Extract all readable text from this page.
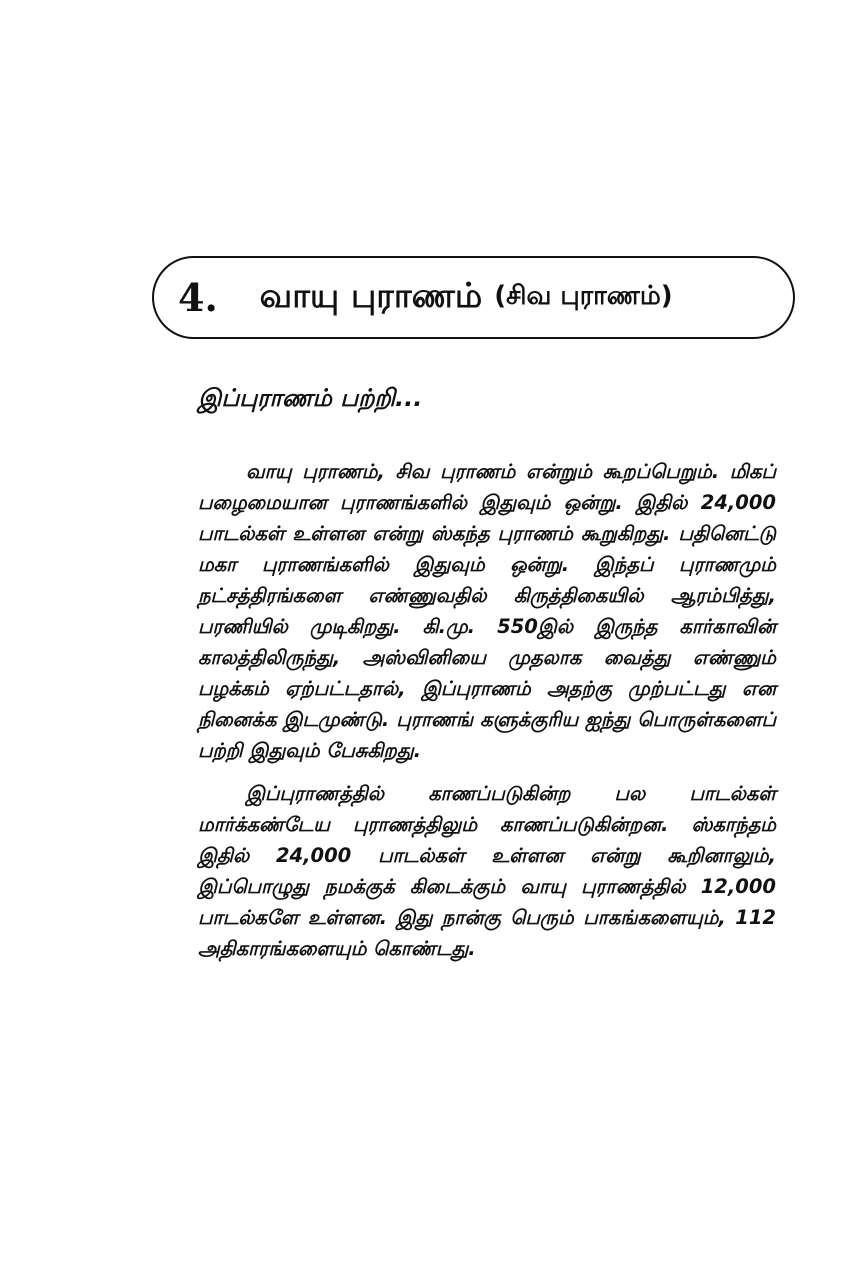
4. வாயு புராணம் (சிவ புராணம்)
இப்புராணம் பற்றி...

வாயு புராணம், சிவ புராணம் என்றும் கூறப்பெறும். மிகப் பழைமையான புராணங்களில் இதுவும் ஒன்று. இதில் 24,000 பாடல்கள் உள்ளன என்று ஸ்கந்த புராணம் கூறுகிறது. பதினெட்டு மகா புராணங்களில் இதுவும் ஒன்று. இந்தப் புராணமும் நட்சத்திரங்களை எண்ணுவதில் கிருத்திகையில் ஆரம்பித்து, பரணியில் முடிகிறது. கி.மு. 550இல் இருந்த கார்காவின் காலத்திலிருந்து, அஸ்வினியை முதலாக வைத்து எண்ணும் பழக்கம் ஏற்பட்டதால், இப்புராணம் அதற்கு முற்பட்டது என நினைக்க இடமுண்டு. புராணங் களுக்குரிய ஐந்து பொருள்களைப் பற்றி இதுவும் பேசுகிறது.

இப்புராணத்தில் காணப்படுகின்ற பல பாடல்கள் மார்க்கண்டேய புராணத்திலும் காணப்படுகின்றன. ஸ்காந்தம் இதில் 24,000 பாடல்கள் உள்ளன என்று கூறினாலும், இப்பொழுது நமக்குக் கிடைக்கும் வாயு புராணத்தில் 12,000 பாடல்களே உள்ளன. இது நான்கு பெரும் பாகங்களையும், 112 அதிகாரங்களையும் கொண்டது.
